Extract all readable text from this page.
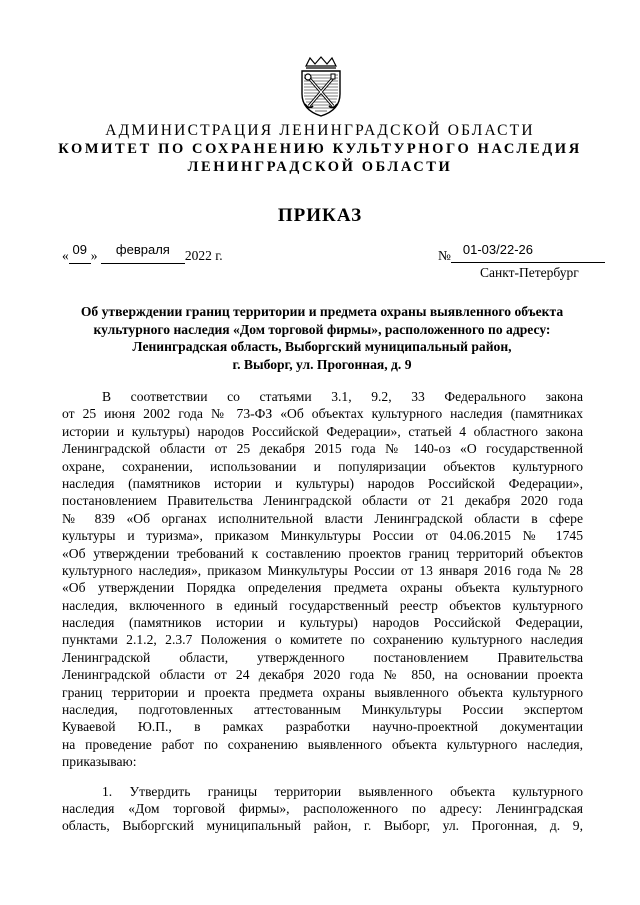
АДМИНИСТРАЦИЯ ЛЕНИНГРАДСКОЙ ОБЛАСТИ
КОМИТЕТ ПО СОХРАНЕНИЮ КУЛЬТУРНОГО НАСЛЕДИЯ
ЛЕНИНГРАДСКОЙ ОБЛАСТИ
ПРИКАЗ
« 09 » февраля 2022 г.	№ 01-03/22-26
Санкт-Петербург
Об утверждении границ территории и предмета охраны выявленного объекта
культурного наследия «Дом торговой фирмы», расположенного по адресу:
Ленинградская область, Выборгский муниципальный район,
г. Выборг, ул. Прогонная, д. 9
В соответствии со статьями 3.1, 9.2, 33 Федерального закона
от 25 июня 2002 года № 73-ФЗ «Об объектах культурного наследия (памятниках
истории и культуры) народов Российской Федерации», статьей 4 областного закона
Ленинградской области от 25 декабря 2015 года № 140-оз «О государственной
охране, сохранении, использовании и популяризации объектов культурного
наследия (памятников истории и культуры) народов Российской Федерации»,
постановлением Правительства Ленинградской области от 21 декабря 2020 года
№ 839 «Об органах исполнительной власти Ленинградской области в сфере
культуры и туризма», приказом Минкультуры России от 04.06.2015 № 1745
«Об утверждении требований к составлению проектов границ территорий объектов
культурного наследия», приказом Минкультуры России от 13 января 2016 года № 28
«Об утверждении Порядка определения предмета охраны объекта культурного
наследия, включенного в единый государственный реестр объектов культурного
наследия (памятников истории и культуры) народов Российской Федерации,
пунктами 2.1.2, 2.3.7 Положения о комитете по сохранению культурного наследия
Ленинградской области, утвержденного постановлением Правительства
Ленинградской области от 24 декабря 2020 года № 850, на основании проекта
границ территории и проекта предмета охраны выявленного объекта культурного
наследия, подготовленных аттестованным Минкультуры России экспертом
Куваевой Ю.П., в рамках разработки научно-проектной документации
на проведение работ по сохранению выявленного объекта культурного наследия,
приказываю:
1. Утвердить границы территории выявленного объекта культурного
наследия «Дом торговой фирмы», расположенного по адресу: Ленинградская
область, Выборгский муниципальный район, г. Выборг, ул. Прогонная, д. 9,
